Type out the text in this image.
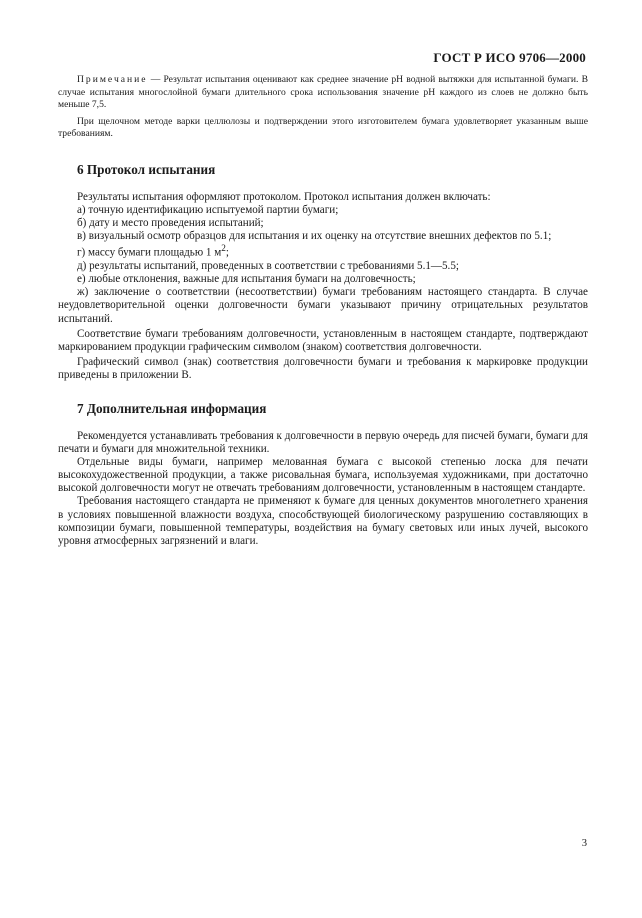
ГОСТ Р ИСО 9706—2000

Примечание — Результат испытания оценивают как среднее значение pH водной вытяжки для испытанной бумаги. В случае испытания многослойной бумаги длительного срока использования значение pH каждого из слоев не должно быть меньше 7,5.

При щелочном методе варки целлюлозы и подтверждении этого изготовителем бумага удовлетворяет указанным выше требованиям.

6 Протокол испытания

Результаты испытания оформляют протоколом. Протокол испытания должен включать:

а) точную идентификацию испытуемой партии бумаги;

б) дату и место проведения испытаний;

в) визуальный осмотр образцов для испытания и их оценку на отсутствие внешних дефектов по 5.1;

г) массу бумаги площадью 1 $м^2$;

д) результаты испытаний, проведенных в соответствии с требованиями 5.1—5.5;

е) любые отклонения, важные для испытания бумаги на долговечность;

ж) заключение о соответствии (несоответствии) бумаги требованиям настоящего стандарта. В случае неудовлетворительной оценки долговечности бумаги указывают причину отрицательных результатов испытаний.

Соответствие бумаги требованиям долговечности, установленным в настоящем стандарте, подтверждают маркированием продукции графическим символом (знаком) соответствия долговечности.

Графический символ (знак) соответствия долговечности бумаги и требования к маркировке продукции приведены в приложении В.

7 Дополнительная информация

Рекомендуется устанавливать требования к долговечности в первую очередь для писчей бумаги, бумаги для печати и бумаги для множительной техники.

Отдельные виды бумаги, например мелованная бумага с высокой степенью лоска для печати высокохудожественной продукции, а также рисовальная бумага, используемая художниками, при достаточно высокой долговечности могут не отвечать требованиям долговечности, установленным в настоящем стандарте.

Требования настоящего стандарта не применяют к бумаге для ценных документов многолетнего хранения в условиях повышенной влажности воздуха, способствующей биологическому разрушению составляющих в композиции бумаги, повышенной температуры, воздействия на бумагу световых или иных лучей, высокого уровня атмосферных загрязнений и влаги.

3
